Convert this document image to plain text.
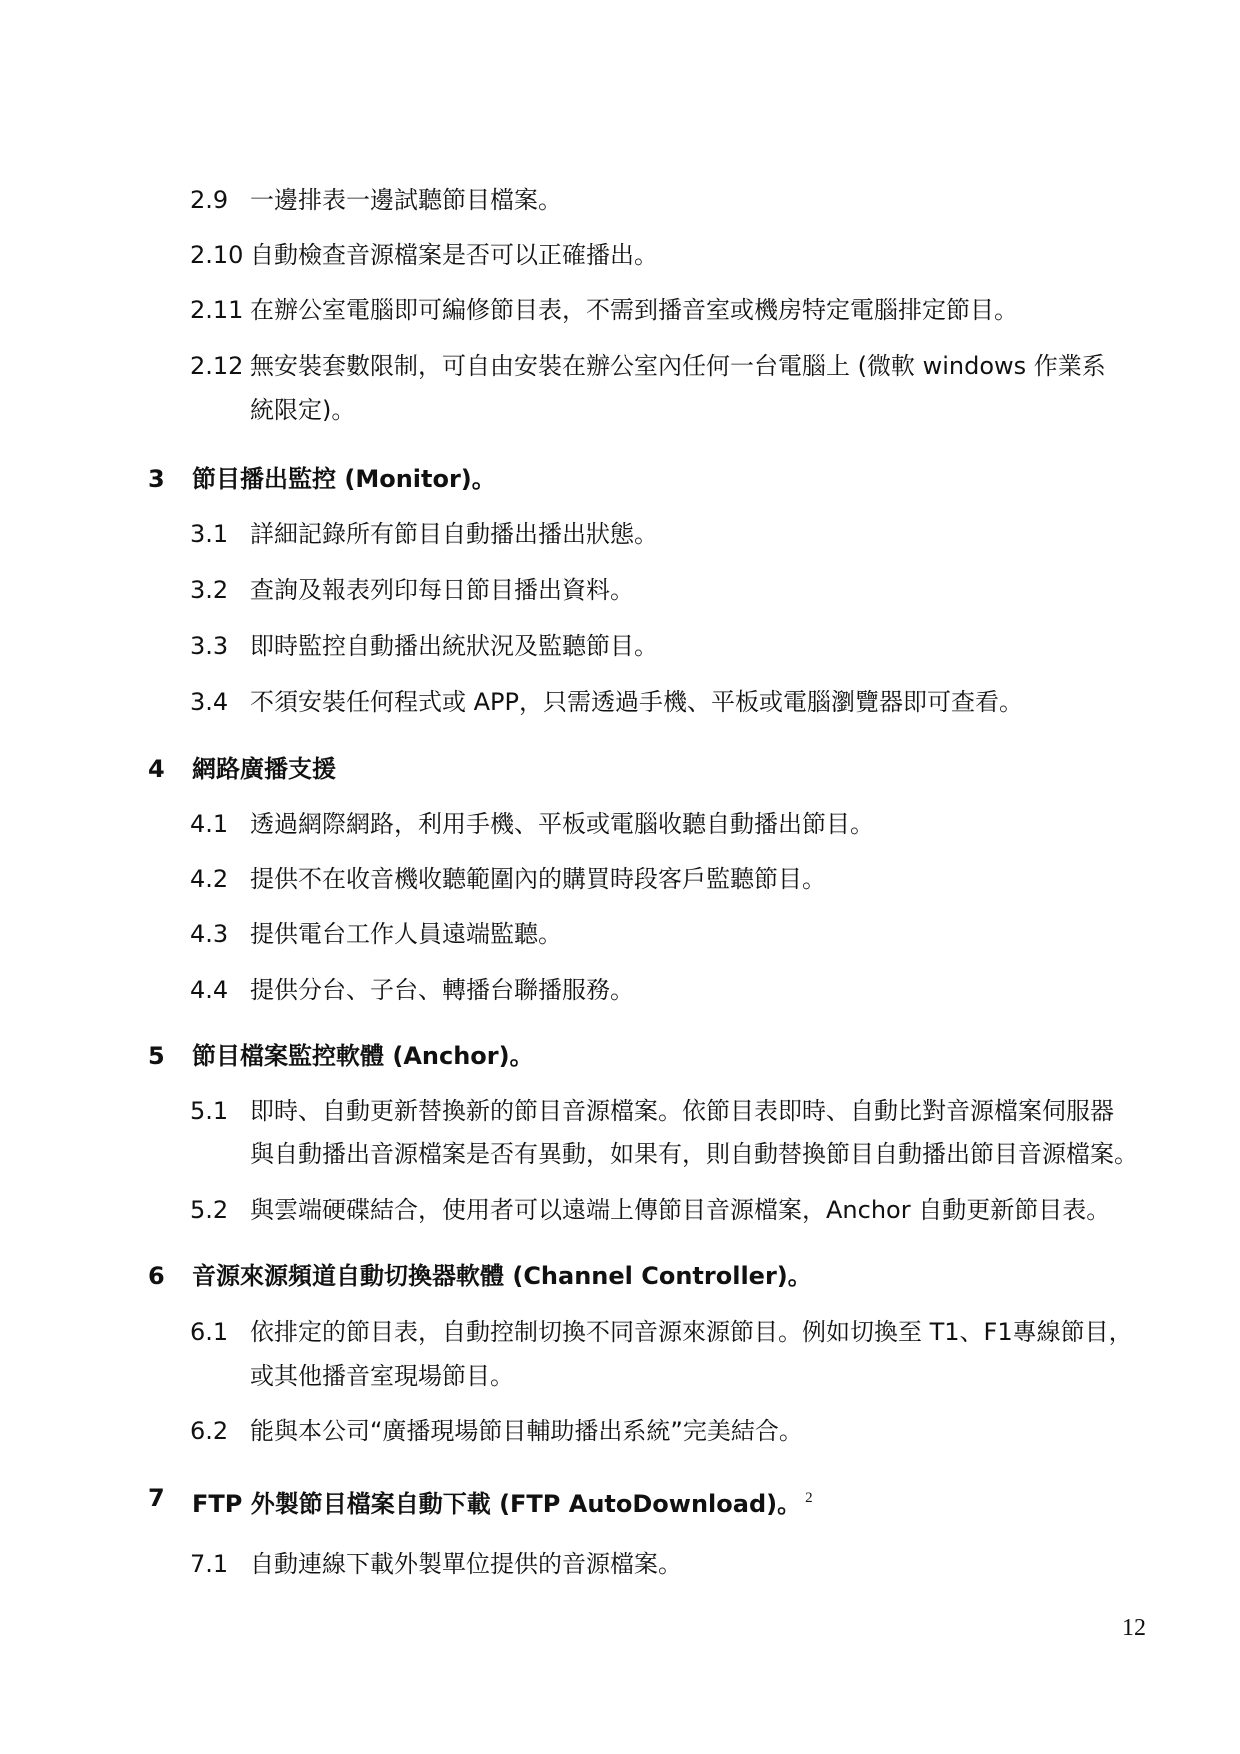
2.9 一邊排表一邊試聽節目檔案。
2.10 自動檢查音源檔案是否可以正確播出。
2.11 在辦公室電腦即可編修節目表，不需到播音室或機房特定電腦排定節目。
2.12 無安裝套數限制，可自由安裝在辦公室內任何一台電腦上 (微軟 windows 作業系
統限定)。
3 節目播出監控 (Monitor)。
3.1 詳細記錄所有節目自動播出播出狀態。
3.2 查詢及報表列印每日節目播出資料。
3.3 即時監控自動播出統狀況及監聽節目。
3.4 不須安裝任何程式或 APP，只需透過手機、平板或電腦瀏覽器即可查看。
4 網路廣播支援
4.1 透過網際網路，利用手機、平板或電腦收聽自動播出節目。
4.2 提供不在收音機收聽範圍內的購買時段客戶監聽節目。
4.3 提供電台工作人員遠端監聽。
4.4 提供分台、子台、轉播台聯播服務。
5 節目檔案監控軟體 (Anchor)。
5.1 即時、自動更新替換新的節目音源檔案。依節目表即時、自動比對音源檔案伺服器
與自動播出音源檔案是否有異動，如果有，則自動替換節目自動播出節目音源檔案。
5.2 與雲端硬碟結合，使用者可以遠端上傳節目音源檔案，Anchor 自動更新節目表。
6 音源來源頻道自動切換器軟體 (Channel Controller)。
6.1 依排定的節目表，自動控制切換不同音源來源節目。例如切換至 T1、F1專線節目，
或其他播音室現場節目。
6.2 能與本公司“廣播現場節目輔助播出系統”完美結合。
7 FTP 外製節目檔案自動下載 (FTP AutoDownload)。 $^2$
7.1 自動連線下載外製單位提供的音源檔案。
12
